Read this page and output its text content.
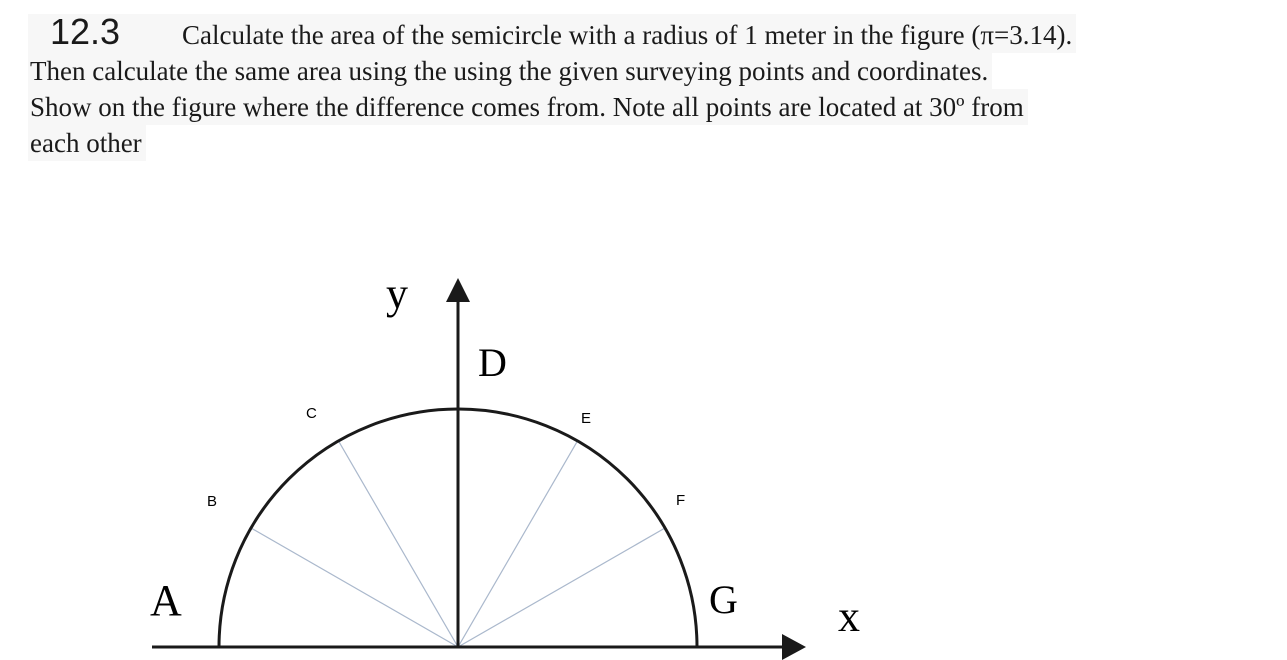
12.3 Calculate the area of the semicircle with a radius of 1 meter in the figure (π=3.14).
Then calculate the same area using the using the given surveying points and coordinates.
Show on the figure where the difference comes from. Note all points are located at 30º from
each other
y
x
A
B
C
D
E
F
G
